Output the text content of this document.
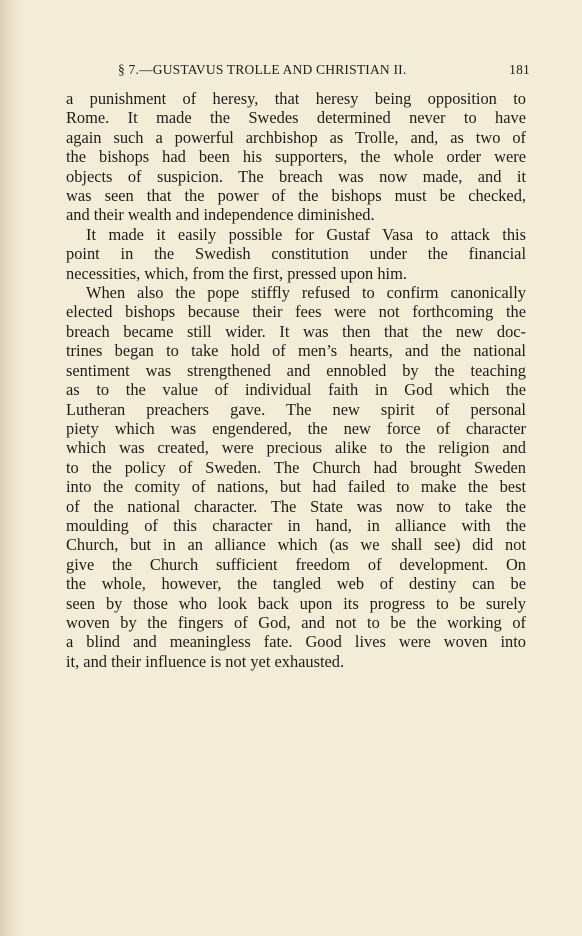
§ 7.—GUSTAVUS TROLLE AND CHRISTIAN II.	181

a punishment of heresy, that heresy being opposition to
Rome. It made the Swedes determined never to have
again such a powerful archbishop as Trolle, and, as two of
the bishops had been his supporters, the whole order were
objects of suspicion. The breach was now made, and it
was seen that the power of the bishops must be checked,
and their wealth and independence diminished.

It made it easily possible for Gustaf Vasa to attack this
point in the Swedish constitution under the financial
necessities, which, from the first, pressed upon him.

When also the pope stiffly refused to confirm canonically
elected bishops because their fees were not forthcoming the
breach became still wider. It was then that the new doc-
trines began to take hold of men’s hearts, and the national
sentiment was strengthened and ennobled by the teaching
as to the value of individual faith in God which the
Lutheran preachers gave. The new spirit of personal
piety which was engendered, the new force of character
which was created, were precious alike to the religion and
to the policy of Sweden. The Church had brought Sweden
into the comity of nations, but had failed to make the best
of the national character. The State was now to take the
moulding of this character in hand, in alliance with the
Church, but in an alliance which (as we shall see) did not
give the Church sufficient freedom of development. On
the whole, however, the tangled web of destiny can be
seen by those who look back upon its progress to be surely
woven by the fingers of God, and not to be the working of
a blind and meaningless fate. Good lives were woven into
it, and their influence is not yet exhausted.
